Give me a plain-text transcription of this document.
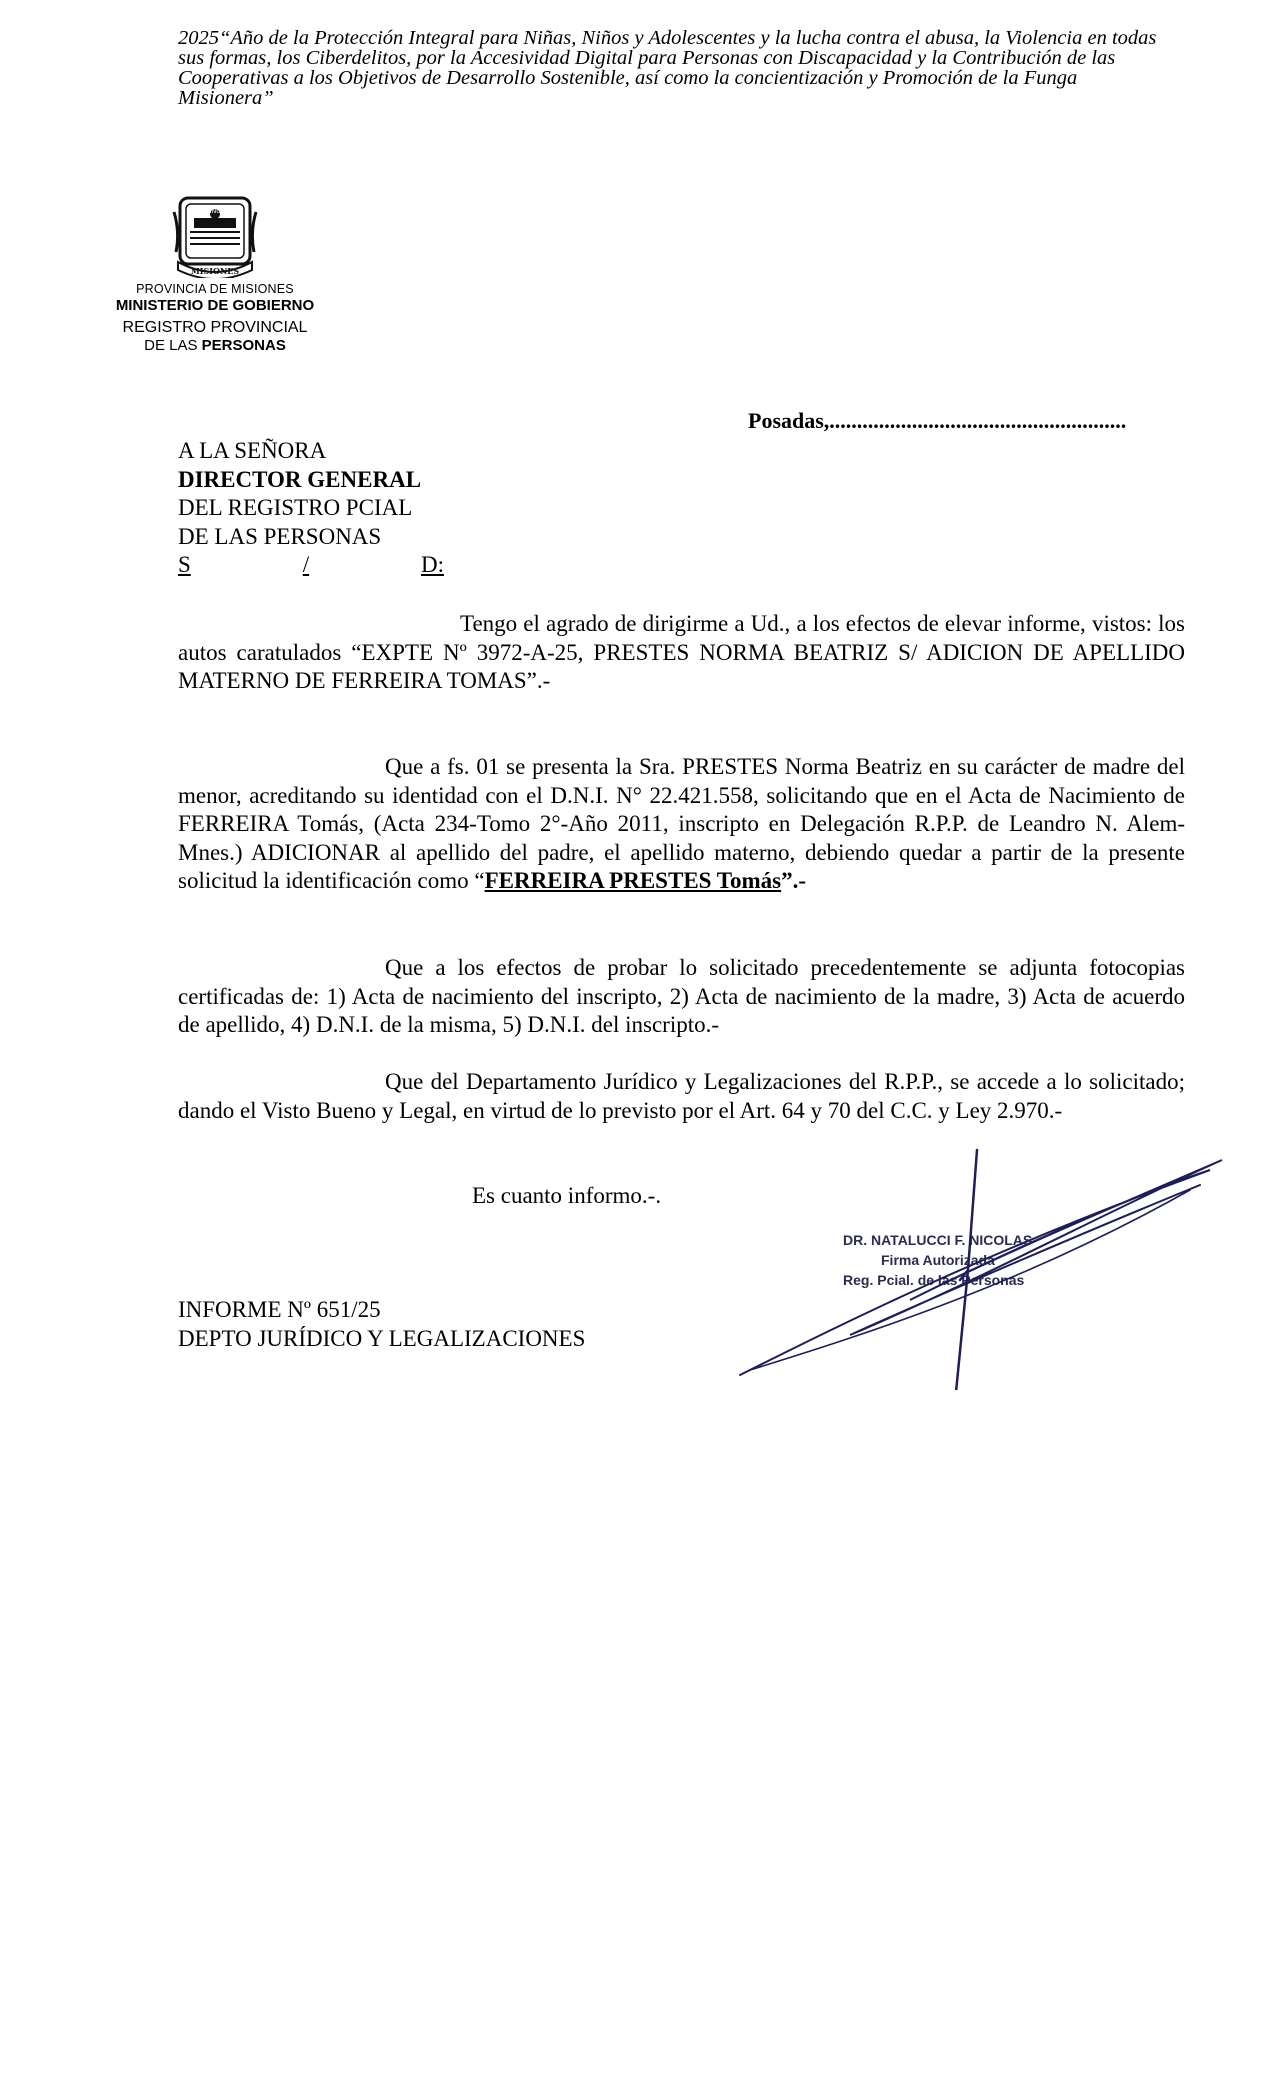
2025“Año de la Protección Integral para Niñas, Niños y Adolescentes y la lucha contra el abusa, la Violencia en todas sus formas, los Ciberdelitos, por la Accesividad Digital para Personas con Discapacidad y la Contribución de las Cooperativas a los Objetivos de Desarrollo Sostenible, así como la concientización y Promoción de la Funga Misionera”
PROVINCIA DE
MISIONES
PROVINCIA DE MISIONES
MINISTERIO DE GOBIERNO
REGISTRO PROVINCIAL
DE LAS PERSONAS
Posadas,......................................................
A LA SEÑORA
DIRECTOR GENERAL
DEL REGISTRO PCIAL
DE LAS PERSONAS
S	/	D:
Tengo el agrado de dirigirme a Ud., a los efectos de elevar informe, vistos: los autos caratulados “EXPTE Nº 3972-A-25, PRESTES NORMA BEATRIZ S/ ADICION DE APELLIDO MATERNO DE FERREIRA TOMAS”.-
Que a fs. 01 se presenta la Sra. PRESTES Norma Beatriz en su carácter de madre del menor, acreditando su identidad con el D.N.I. N° 22.421.558, solicitando que en el Acta de Nacimiento de FERREIRA Tomás, (Acta 234-Tomo 2°-Año 2011, inscripto en Delegación R.P.P. de Leandro N. Alem-Mnes.) ADICIONAR al apellido del padre, el apellido materno, debiendo quedar a partir de la presente solicitud la identificación como “FERREIRA PRESTES Tomás”.-
Que a los efectos de probar lo solicitado precedentemente se adjunta fotocopias certificadas de: 1) Acta de nacimiento del inscripto, 2) Acta de nacimiento de la madre, 3) Acta de acuerdo de apellido, 4) D.N.I. de la misma, 5) D.N.I. del inscripto.-
Que del Departamento Jurídico y Legalizaciones del R.P.P., se accede a lo solicitado; dando el Visto Bueno y Legal, en virtud de lo previsto por el Art. 64 y 70 del C.C. y Ley 2.970.-
Es cuanto informo.-.
DR. NATALUCCI F. NICOLAS
Firma Autorizada
Reg. Pcial. de las Personas
INFORME Nº 651/25
DEPTO JURÍDICO Y LEGALIZACIONES
